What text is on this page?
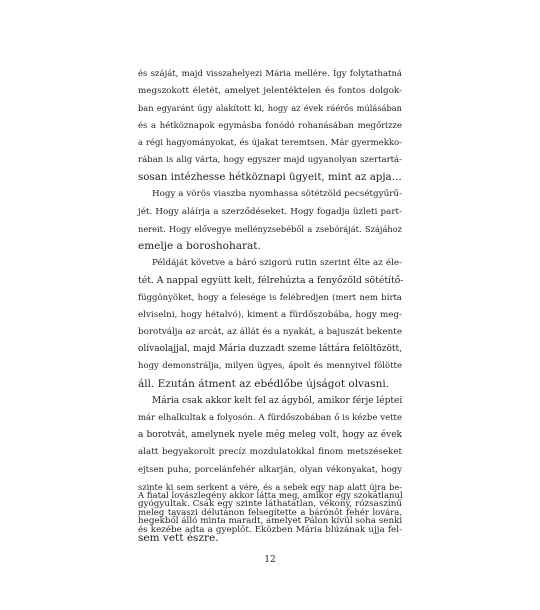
és száját, majd visszahelyezi Mária mellére. Így folytathatná
megszokott életét, amelyet jelentéktelen és fontos dolgok-
ban egyaránt úgy alakított ki, hogy az évek ráérős múlásában
és a hétköznapok egymásba fonódó rohanásában megőrizze
a régi hagyományokat, és újakat teremtsen. Már gyermekko-
rában is alig várta, hogy egyszer majd ugyanolyan szertartá-
sosan intézhesse hétköznapi ügyeit, mint az apja…
Hogy a vörös viaszba nyomhassa sötétzöld pecsétgyűrű-
jét. Hogy aláírja a szerződéseket. Hogy fogadja üzleti part-
nereit. Hogy elővegye mellényzsebéből a zsebóráját. Szájához
emelje a boroshoharat.
Példáját követve a báró szigorú rutin szerint élte az éle-
tét. A nappal együtt kelt, félrehúzta a fenyőzöld sötétítő-
függönyöket, hogy a felesége is felébredjen (mert nem bírta
elviselni, hogy hétalvó), kiment a fürdőszobába, hogy meg-
borotválja az arcát, az állát és a nyakát, a bajuszát bekente
olívaolajjal, majd Mária duzzadt szeme láttára felöltözött,
hogy demonstrálja, milyen ügyes, ápolt és mennyivel fölötte
áll. Ezután átment az ebédlőbe újságot olvasni.
Mária csak akkor kelt fel az ágyból, amikor férje léptei
már elhalkultak a folyosón. A fürdőszobában ő is kézbe vette
a borotvát, amelynek nyele még meleg volt, hogy az évek
alatt begyakorolt precíz mozdulatokkal finom metszéseket
ejtsen puha, porcelánfehér alkarján, olyan vékonyakat, hogy
szinte ki sem serkent a vére, és a sebek egy nap alatt újra be-
gyógyultak. Csak egy szinte láthatatlan, vékony, rózsaszínű
hegekből álló minta maradt, amelyet Pálon kívül soha senki
sem vett észre.
A fiatal lovászlegény akkor látta meg, amikor egy szokatlanul
meleg tavaszi délutánon felsegítette a bárónőt fehér lovára,
és kezébe adta a gyeplőt. Eközben Mária blúzának ujja fel-
12
